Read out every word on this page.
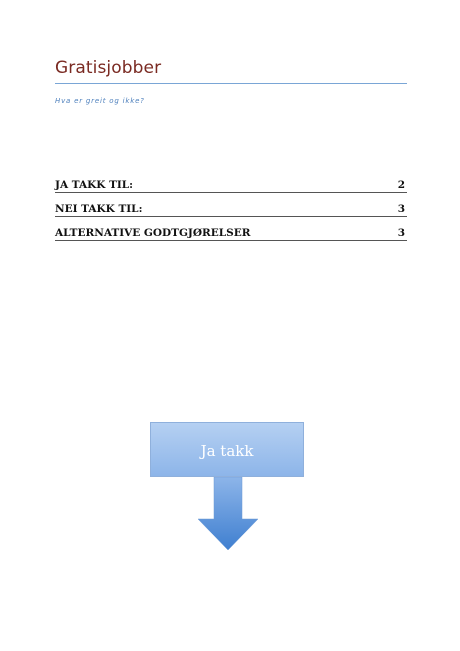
Gratisjobber
Hva er greit og ikke?
JA TAKK TIL:	2
NEI TAKK TIL:	3
ALTERNATIVE GODTGJØRELSER	3
Ja takk
